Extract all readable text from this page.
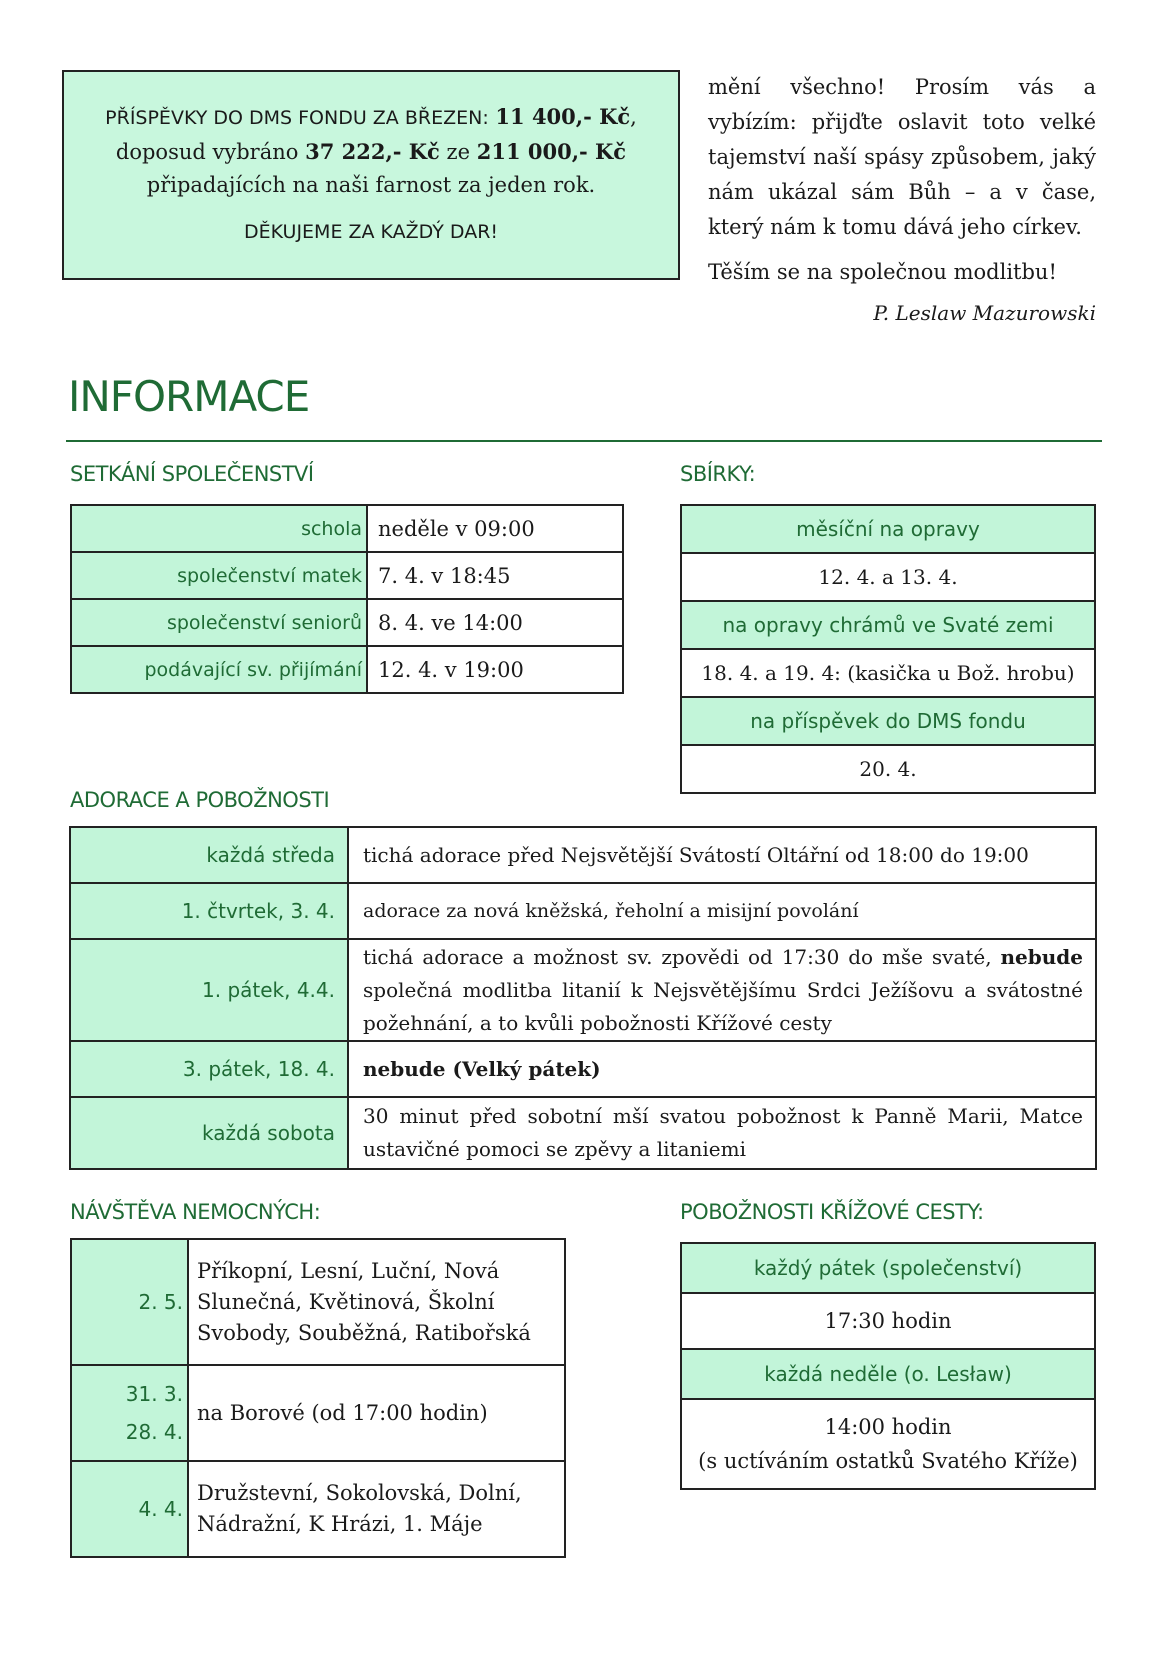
PŘÍSPĚVKY DO DMS FONDU ZA BŘEZEN: 11 400,- Kč,
doposud vybráno 37 222,- Kč ze 211 000,- Kč
připadajících na naši farnost za jeden rok.
DĚKUJEME ZA KAŽDÝ DAR!

mění všechno! Prosím vás a vybízím: přijďte oslavit toto velké tajemství naší spásy způsobem, jaký nám ukázal sám Bůh – a v čase, který nám k tomu dává jeho církev.

Těším se na společnou modlitbu!

P. Leslaw Mazurowski

INFORMACE
SETKÁNÍ SPOLEČENSTVÍ
schola	neděle v 09:00
společenství matek	7. 4. v 18:45
společenství seniorů	8. 4. ve 14:00
podávající sv. přijímání	12. 4. v 19:00
SBÍRKY:
měsíční na opravy
12. 4. a 13. 4.
na opravy chrámů ve Svaté zemi
18. 4. a 19. 4: (kasička u Bož. hrobu)
na příspěvek do DMS fondu
20. 4.
ADORACE A POBOŽNOSTI
každá středa	tichá adorace před Nejsvětější Svátostí Oltářní od 18:00 do 19:00
1. čtvrtek, 3. 4.	adorace za nová kněžská, řeholní a misijní povolání
1. pátek, 4.4.	tichá adorace a možnost sv. zpovědi od 17:30 do mše svaté, nebude společná modlitba litanií k Nejsvětějšímu Srdci Ježíšovu a svátostné požehnání, a to kvůli pobožnosti Křížové cesty
3. pátek, 18. 4.	nebude (Velký pátek)
každá sobota	30 minut před sobotní mší svatou pobožnost k Panně Marii, Matce ustavičné pomoci se zpěvy a litaniemi
NÁVŠTĚVA NEMOCNÝCH:
2. 5.	Příkopní, Lesní, Luční, Nová
Slunečná, Květinová, Školní
Svobody, Souběžná, Ratibořská

31. 3.
28. 4.	na Borové (od 17:00 hodin)

4. 4.	Družstevní, Sokolovská, Dolní,
Nádražní, K Hrázi, 1. Máje
POBOŽNOSTI KŘÍŽOVÉ CESTY:
každý pátek (společenství)
17:30 hodin
každá neděle (o. Lesław)

14:00 hodin
(s uctíváním ostatků Svatého Kříže)
